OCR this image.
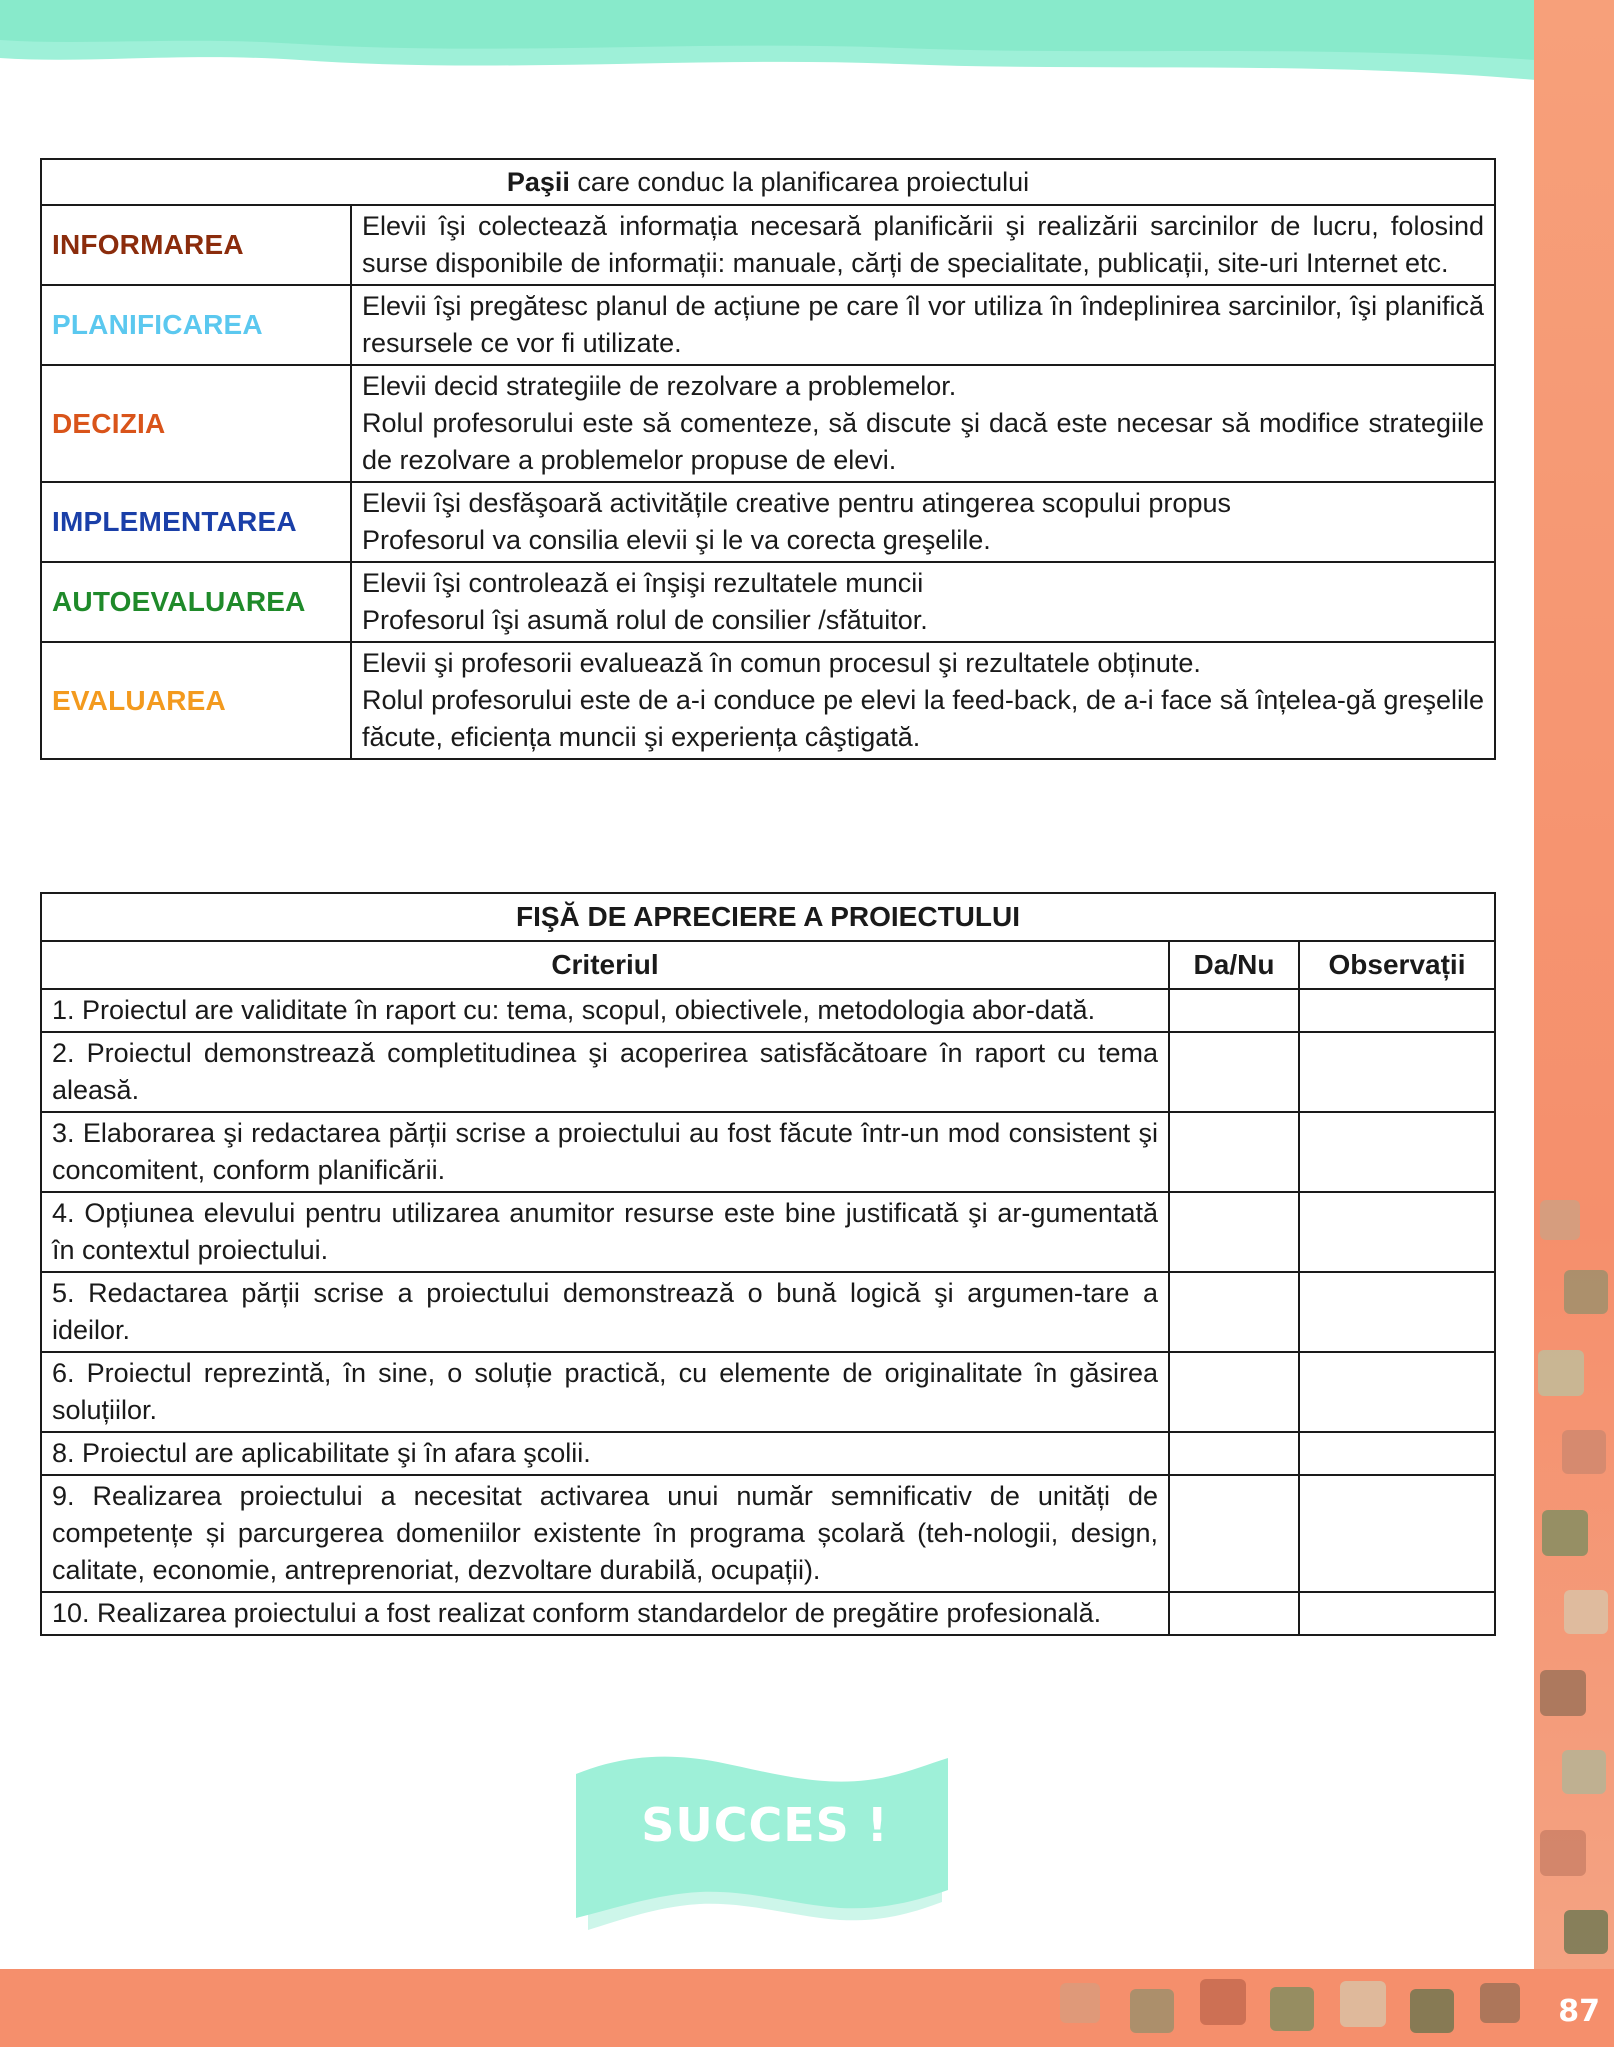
87
Paşii care conduc la planificarea proiectului	
INFORMAREA	Elevii îşi colectează informația necesară planificării şi realizării sarcinilor de lucru, folosind surse disponibile de informații: manuale, cărți de specialitate, publicații, site-uri Internet etc.
PLANIFICAREA	Elevii îşi pregătesc planul de acțiune pe care îl vor utiliza în îndeplinirea sarcinilor, îşi planifică resursele ce vor fi utilizate.
DECIZIA	Elevii decid strategiile de rezolvare a problemelor.
Rolul profesorului este să comenteze, să discute şi dacă este necesar să modifice strategiile de rezolvare a problemelor propuse de elevi.
IMPLEMENTAREA	Elevii îşi desfăşoară activitățile creative pentru atingerea scopului propus
Profesorul va consilia elevii şi le va corecta greşelile.
AUTOEVALUAREA	Elevii îşi controlează ei înşişi rezultatele muncii
Profesorul îşi asumă rolul de consilier /sfătuitor.
EVALUAREA	Elevii şi profesorii evaluează în comun procesul şi rezultatele obținute.
Rolul profesorului este de a-i conduce pe elevi la feed-back, de a-i face să înțelea-gă greşelile făcute, eficiența muncii şi experiența câştigată.
FIŞĂ DE APRECIERE A PROIECTULUI		
Criteriul	Da/Nu	Observații
1. Proiectul are validitate în raport cu: tema, scopul, obiectivele, metodologia abor-dată.		
2. Proiectul demonstrează completitudinea şi acoperirea satisfăcătoare în raport cu tema aleasă.		
3. Elaborarea şi redactarea părții scrise a proiectului au fost făcute într-un mod consistent şi concomitent, conform planificării.		
4. Opțiunea elevului pentru utilizarea anumitor resurse este bine justificată şi ar-gumentată în contextul proiectului.		
5. Redactarea părții scrise a proiectului demonstrează o bună logică şi argumen-tare a ideilor.		
6. Proiectul reprezintă, în sine, o soluție practică, cu elemente de originalitate în găsirea soluțiilor.		
8. Proiectul are aplicabilitate şi în afara şcolii.		
9. Realizarea proiectului a necesitat activarea unui număr semnificativ de unități de competențe și parcurgerea domeniilor existente în programa școlară (teh-nologii, design, calitate, economie, antreprenoriat, dezvoltare durabilă, ocupații).		
10. Realizarea proiectului a fost realizat conform standardelor de pregătire profesională.		
SUCCES !
